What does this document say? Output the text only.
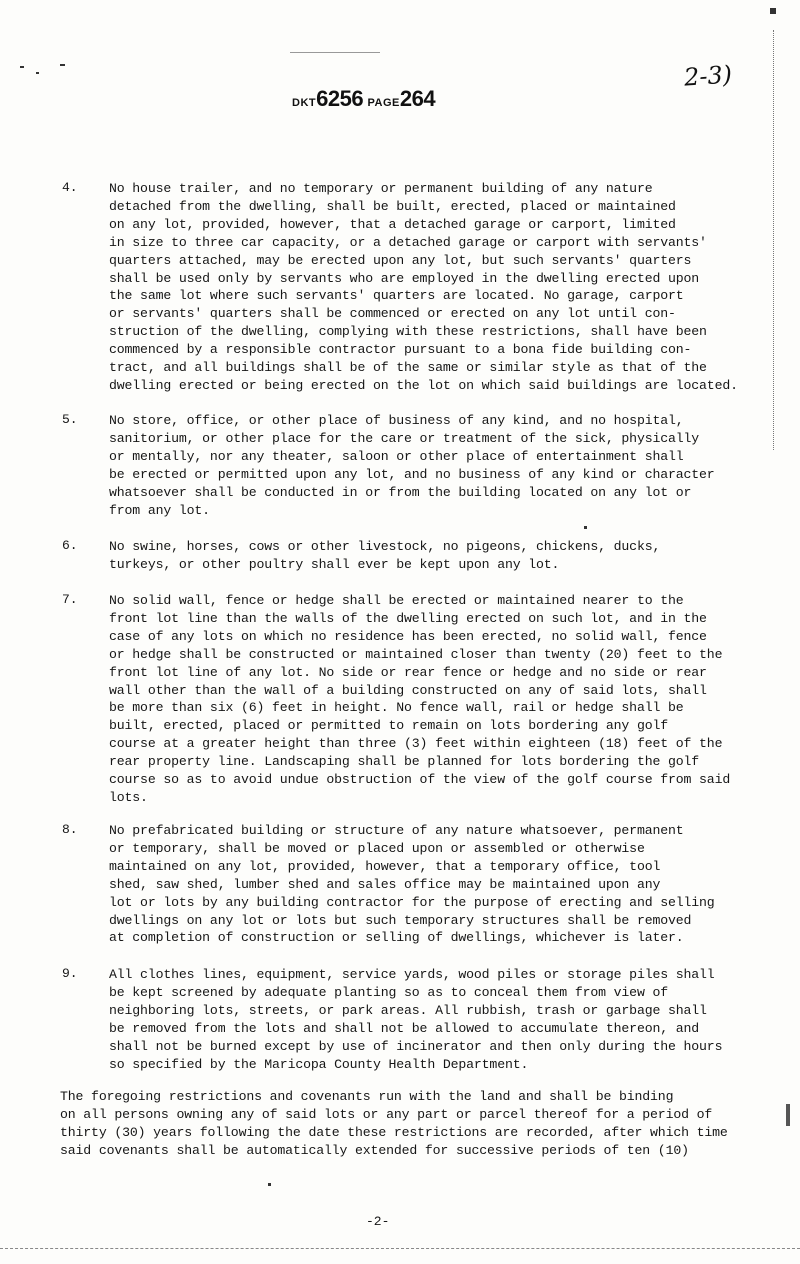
DKT6256 PAGE264
2-3)
4. No house trailer, and no temporary or permanent building of any nature
detached from the dwelling, shall be built, erected, placed or maintained
on any lot, provided, however, that a detached garage or carport, limited
in size to three car capacity, or a detached garage or carport with servants'
quarters attached, may be erected upon any lot, but such servants' quarters
shall be used only by servants who are employed in the dwelling erected upon
the same lot where such servants' quarters are located. No garage, carport
or servants' quarters shall be commenced or erected on any lot until con-
struction of the dwelling, complying with these restrictions, shall have been
commenced by a responsible contractor pursuant to a bona fide building con-
tract, and all buildings shall be of the same or similar style as that of the
dwelling erected or being erected on the lot on which said buildings are located.
5. No store, office, or other place of business of any kind, and no hospital,
sanitorium, or other place for the care or treatment of the sick, physically
or mentally, nor any theater, saloon or other place of entertainment shall
be erected or permitted upon any lot, and no business of any kind or character
whatsoever shall be conducted in or from the building located on any lot or
from any lot.
6. No swine, horses, cows or other livestock, no pigeons, chickens, ducks,
turkeys, or other poultry shall ever be kept upon any lot.
7. No solid wall, fence or hedge shall be erected or maintained nearer to the
front lot line than the walls of the dwelling erected on such lot, and in the
case of any lots on which no residence has been erected, no solid wall, fence
or hedge shall be constructed or maintained closer than twenty (20) feet to the
front lot line of any lot. No side or rear fence or hedge and no side or rear
wall other than the wall of a building constructed on any of said lots, shall
be more than six (6) feet in height. No fence wall, rail or hedge shall be
built, erected, placed or permitted to remain on lots bordering any golf
course at a greater height than three (3) feet within eighteen (18) feet of the
rear property line. Landscaping shall be planned for lots bordering the golf
course so as to avoid undue obstruction of the view of the golf course from said
lots.
8. No prefabricated building or structure of any nature whatsoever, permanent
or temporary, shall be moved or placed upon or assembled or otherwise
maintained on any lot, provided, however, that a temporary office, tool
shed, saw shed, lumber shed and sales office may be maintained upon any
lot or lots by any building contractor for the purpose of erecting and selling
dwellings on any lot or lots but such temporary structures shall be removed
at completion of construction or selling of dwellings, whichever is later.
9. All clothes lines, equipment, service yards, wood piles or storage piles shall
be kept screened by adequate planting so as to conceal them from view of
neighboring lots, streets, or park areas. All rubbish, trash or garbage shall
be removed from the lots and shall not be allowed to accumulate thereon, and
shall not be burned except by use of incinerator and then only during the hours
so specified by the Maricopa County Health Department.
The foregoing restrictions and covenants run with the land and shall be binding
on all persons owning any of said lots or any part or parcel thereof for a period of
thirty (30) years following the date these restrictions are recorded, after which time
said covenants shall be automatically extended for successive periods of ten (10)
-2-
